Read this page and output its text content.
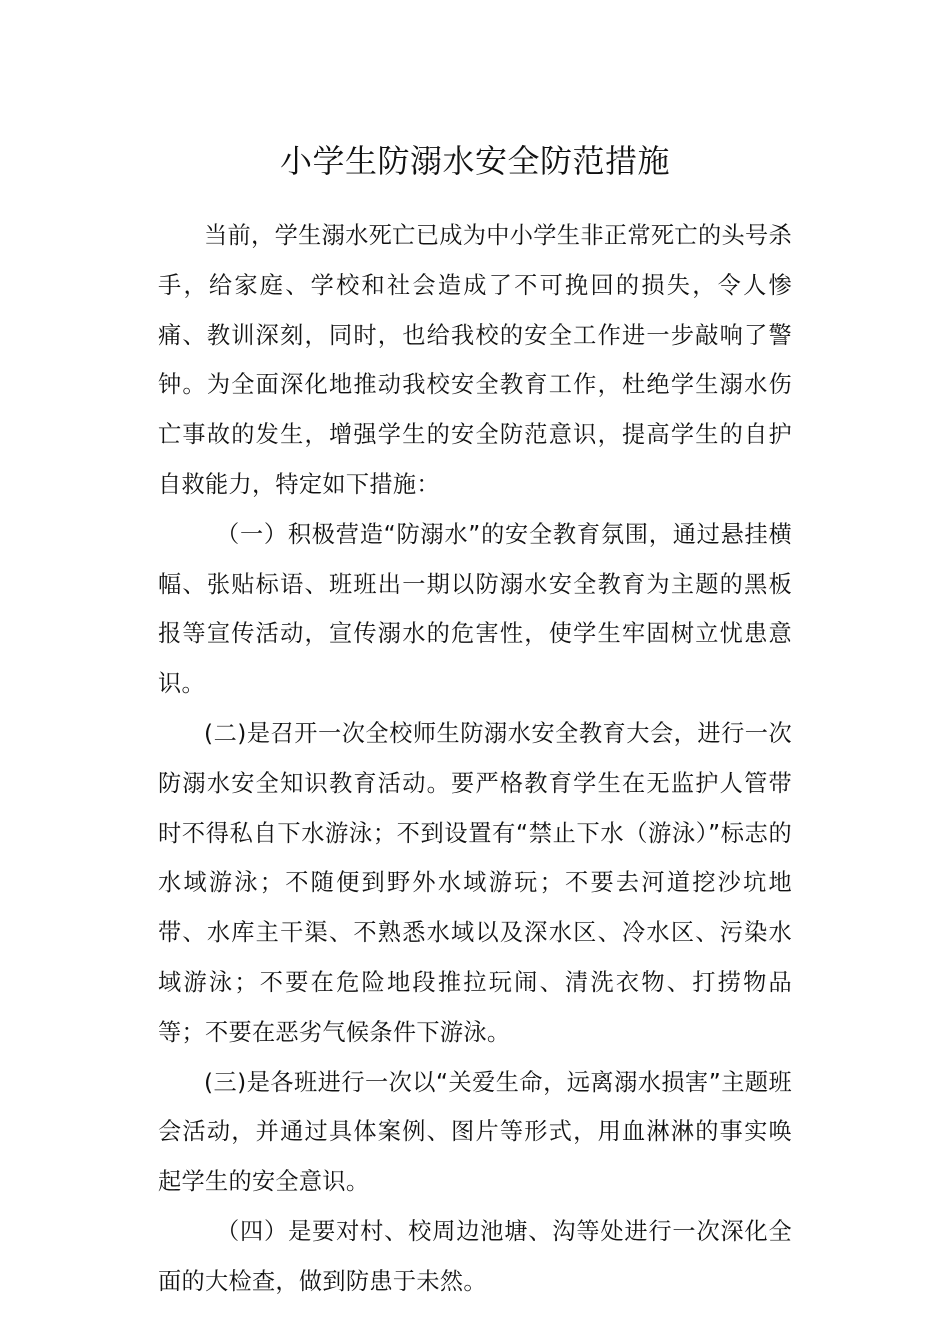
小学生防溺水安全防范措施

当前，学生溺水死亡已成为中小学生非正常死亡的头号杀手，给家庭、学校和社会造成了不可挽回的损失，令人惨痛、教训深刻，同时，也给我校的安全工作进一步敲响了警钟。为全面深化地推动我校安全教育工作，杜绝学生溺水伤亡事故的发生，增强学生的安全防范意识，提高学生的自护自救能力，特定如下措施：

（一）积极营造“防溺水”的安全教育氛围，通过悬挂横幅、张贴标语、班班出一期以防溺水安全教育为主题的黑板报等宣传活动，宣传溺水的危害性，使学生牢固树立忧患意识。

(二)是召开一次全校师生防溺水安全教育大会，进行一次防溺水安全知识教育活动。要严格教育学生在无监护人管带时不得私自下水游泳；不到设置有“禁止下水（游泳）”标志的水域游泳；不随便到野外水域游玩；不要去河道挖沙坑地带、水库主干渠、不熟悉水域以及深水区、冷水区、污染水域游泳；不要在危险地段推拉玩闹、清洗衣物、打捞物品等；不要在恶劣气候条件下游泳。

(三)是各班进行一次以“关爱生命，远离溺水损害”主题班会活动，并通过具体案例、图片等形式，用血淋淋的事实唤起学生的安全意识。

（四）是要对村、校周边池塘、沟等处进行一次深化全面的大检查，做到防患于未然。
